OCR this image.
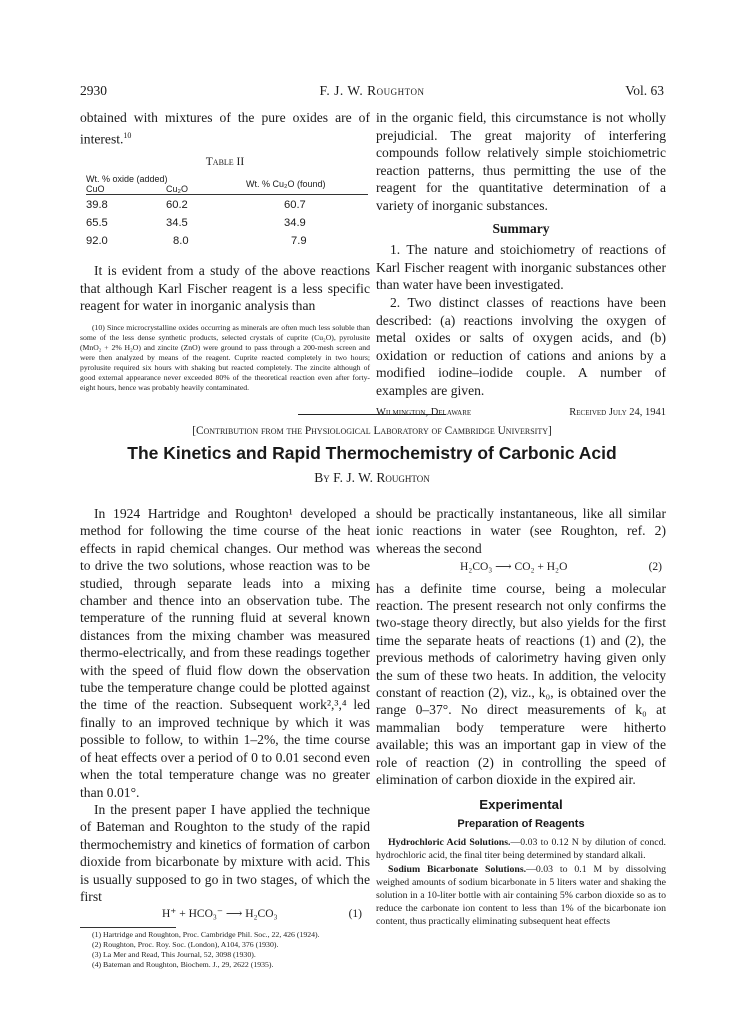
2930	F. J. W. Roughton	Vol. 63

obtained with mixtures of the pure oxides are of interest.$^{10}$

Table II
Wt. % oxide (added)		
CuO	Cu₂O	Wt. % Cu₂O (found)

39.8	60.2	60.7
65.5	34.5	34.9
92.0	8.0	7.9

It is evident from a study of the above reactions that although Karl Fischer reagent is a less specific reagent for water in inorganic analysis than

(10) Since microcrystalline oxides occurring as minerals are often much less soluble than some of the less dense synthetic products, selected crystals of cuprite (Cu₂O), pyrolusite (MnO₂ + 2% H₂O) and zincite (ZnO) were ground to pass through a 200-mesh screen and were then analyzed by means of the reagent. Cuprite reacted completely in two hours; pyrolusite required six hours with shaking but reacted completely. The zincite although of good external appearance never exceeded 80% of the theoretical reaction even after forty-eight hours, hence was probably heavily contaminated.

in the organic field, this circumstance is not wholly prejudicial. The great majority of interfering compounds follow relatively simple stoichiometric reaction patterns, thus permitting the use of the reagent for the quantitative determination of a variety of inorganic substances.

Summary

1. The nature and stoichiometry of reactions of Karl Fischer reagent with inorganic substances other than water have been investigated.

2. Two distinct classes of reactions have been described: (a) reactions involving the oxygen of metal oxides or salts of oxygen acids, and (b) oxidation or reduction of cations and anions by a modified iodine–iodide couple. A number of examples are given.

Wilmington, Delaware	Received July 24, 1941
[Contribution from the Physiological Laboratory of Cambridge University]
The Kinetics and Rapid Thermochemistry of Carbonic Acid
By F. J. W. Roughton

In 1924 Hartridge and Roughton¹ developed a method for following the time course of the heat effects in rapid chemical changes. Our method was to drive the two solutions, whose reaction was to be studied, through separate leads into a mixing chamber and thence into an observation tube. The temperature of the running fluid at several known distances from the mixing chamber was measured thermo-electrically, and from these readings together with the speed of fluid flow down the observation tube the temperature change could be plotted against the time of the reaction. Subsequent work²,³,⁴ led finally to an improved technique by which it was possible to follow, to within 1–2%, the time course of heat effects over a period of 0 to 0.01 second even when the total temperature change was no greater than 0.01°.

In the present paper I have applied the technique of Bateman and Roughton to the study of the rapid thermochemistry and kinetics of formation of carbon dioxide from bicarbonate by mixture with acid. This is usually supposed to go in two stages, of which the first

H⁺ + HCO₃⁻ ⟶ H₂CO₃	(1)

(1) Hartridge and Roughton, Proc. Cambridge Phil. Soc., 22, 426 (1924).

(2) Roughton, Proc. Roy. Soc. (London), A104, 376 (1930).

(3) La Mer and Read, This Journal, 52, 3098 (1930).

(4) Bateman and Roughton, Biochem. J., 29, 2622 (1935).

should be practically instantaneous, like all similar ionic reactions in water (see Roughton, ref. 2) whereas the second

H₂CO₃ ⟶ CO₂ + H₂O	(2)

has a definite time course, being a molecular reaction. The present research not only confirms the two-stage theory directly, but also yields for the first time the separate heats of reactions (1) and (2), the previous methods of calorimetry having given only the sum of these two heats. In addition, the velocity constant of reaction (2), viz., k₀, is obtained over the range 0–37°. No direct measurements of k₀ at mammalian body temperature were hitherto available; this was an important gap in view of the role of reaction (2) in controlling the speed of elimination of carbon dioxide in the expired air.

Experimental
Preparation of Reagents

Hydrochloric Acid Solutions.—0.03 to 0.12 N by dilution of concd. hydrochloric acid, the final titer being determined by standard alkali.

Sodium Bicarbonate Solutions.—0.03 to 0.1 M by dissolving weighed amounts of sodium bicarbonate in 5 liters water and shaking the solution in a 10-liter bottle with air containing 5% carbon dioxide so as to reduce the carbonate ion content to less than 1% of the bicarbonate ion content, thus practically eliminating subsequent heat effects
